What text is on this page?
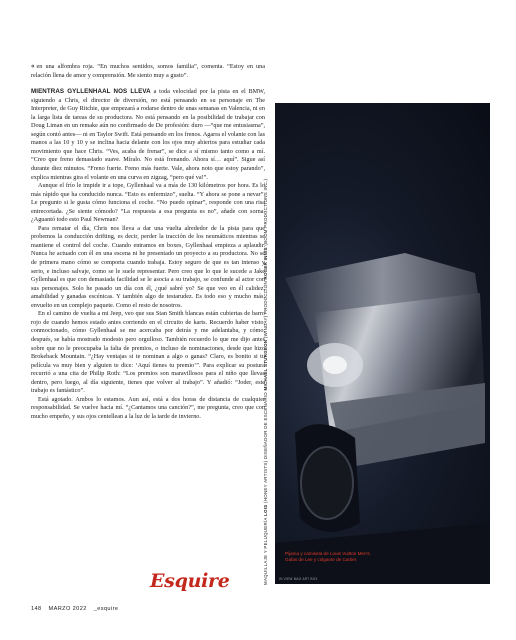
« en una alfombra roja. “En muchos sentidos, somos familia”, comenta. “Estoy en una relación llena de amor y comprensión. Me siento muy a gusto”.

MIENTRAS GYLLENHAAL NOS LLEVA a toda velocidad por la pista en el BMW, siguiendo a Chris, el director de diversión, no está pensando en su personaje en The Interpreter, de Guy Ritchie, que empezará a rodarse dentro de unas semanas en Valencia, ni en la larga lista de tareas de su productora. No está pensando en la posibilidad de trabajar con Doug Liman en un remake aún no confirmado de De profesión: duro —“que me entusiasma”, según contó antes— ni en Taylor Swift. Está pensando en los frenos. Agarra el volante con las manos a las 10 y 10 y se inclina hacia delante con los ojos muy abiertos para estudiar cada movimiento que hace Chris. “Ves, acaba de frenar”, se dice a sí mismo tanto como a mí. “Creo que freno demasiado suave. Míralo. No está frenando. Ahora sí… aquí”. Sigue así durante diez minutos. “Freno fuerte. Freno más fuerte. Vale, ahora noto que estoy parando”, explica mientras gira el volante en una curva en zigzag, “pero qué va!”.

Aunque el frío le impide ir a tope, Gyllenhaal va a más de 130 kilómetros por hora. Es lo más rápido que ha conducido nunca. “Esto es enfermizo”, suelta. “Y ahora se pone a nevar”. Le pregunto si le gusta cómo funciona el coche. “No puedo opinar”, responde con una risa entrecortada. ¿Se siente cómodo? “La respuesta a esa pregunta es no”, añade con sorna. ¿Aguantó todo esto Paul Newman?

Para rematar el día, Chris nos lleva a dar una vuelta alrededor de la pista para que probemos la conducción drifting, es decir, perder la tracción de los neumáticos mientras se mantiene el control del coche. Cuando entramos en boxes, Gyllenhaal empieza a aplaudir. Nunca he actuado con él en una escena ni he presentado un proyecto a su productora. No sé de primera mano cómo se comporta cuando trabaja. Estoy seguro de que es tan intenso y serio, e incluso salvaje, como se le suele representar. Pero creo que lo que le sucede a Jake Gyllenhaal es que con demasiada facilidad se le asocia a su trabajo, se confunde al actor con sus personajes. Solo he pasado un día con él, ¿qué sabré yo? Se que veo en él calidez, amabilidad y ganadas escénicas. Y también algo de testarudez. Es todo eso y mucho más, envuelto en un complejo paquete. Como el resto de nosotros.

En el camino de vuelta a mi Jeep, veo que sus Stan Smith blancas están cubiertas de barro rojo de cuando hemos estado antes corriendo en el circuito de karts. Recuerdo haber visto, conmocionado, cómo Gyllenhaal se me acercaba por detrás y me adelantaba, y cómo, después, se había mostrado modesto pero orgulloso. También recuerdo lo que me dijo antes sobre que no le preocupaba la falta de premios, o incluso de nominaciones, desde que hizo Brokeback Mountain. “¿Hay ventajas si te nominan a algo o ganas? Claro, es bonito si tu película va muy bien y alguien te dice: ‘Aquí tienes tu premio’”. Para explicar su postura recurrió a una cita de Philip Roth: “Los premios son maravillosos para el niño que llevas dentro, pero luego, al día siguiente, tienes que volver al trabajo”. Y añadió: “Joder, este trabajo es fantástico”.

Está agotado. Ambos lo estamos. Aun así, está a dos horas de distancia de cualquier responsabilidad. Se vuelve hacia mí. “¿Cantamos una canción?”, me pregunta, creo que con mucho empeño, y sus ojos centellean a la luz de la tarde de invierno.

Esquire
148 MARZO 2022 _esquire
MAQUILLAJE Y PELUQUERÍA LOIS (HONEY ARTISTS) DISEÑADOR DE ESCENARIO MICHAEL STURGEON (WINDAY) PRODUCCIÓN ROGER INNIS (BOOM PRODUCTIONS INC.)
Pijama y camiseta de Louis Vuitton Men's. Gafas de Lee y colgante de Cartier.
IN VIEW MAG ART BOX
